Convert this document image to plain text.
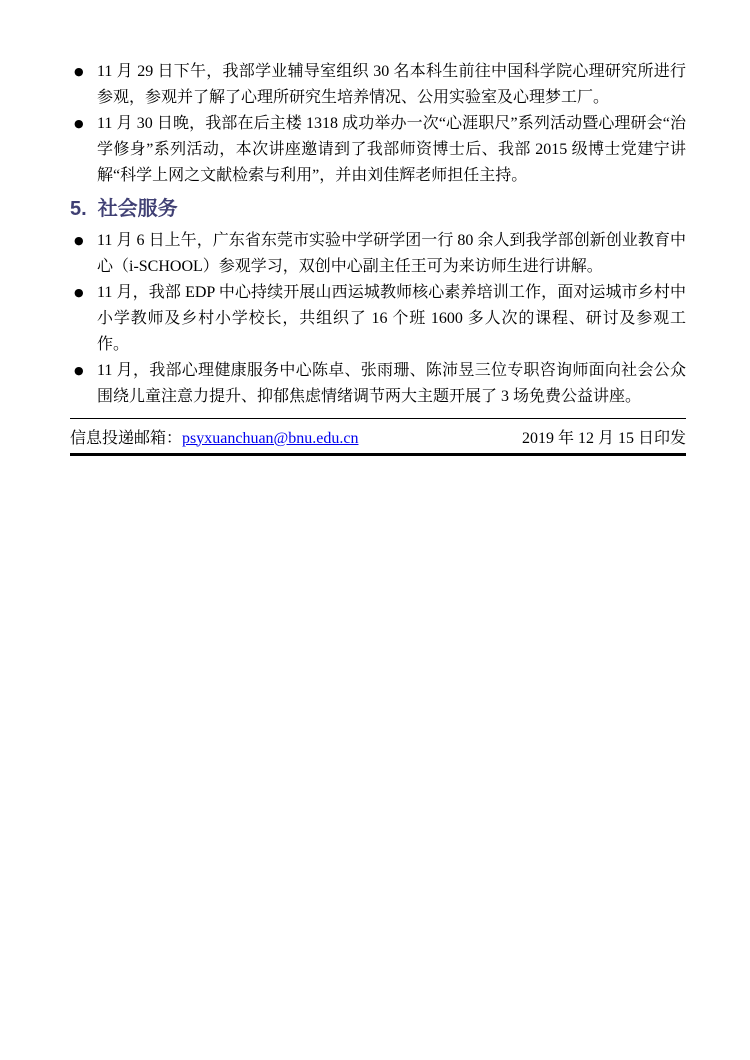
● 11 月 29 日下午，我部学业辅导室组织 30 名本科生前往中国科学院心理研究所进行参观，参观并了解了心理所研究生培养情况、公用实验室及心理梦工厂。
● 11 月 30 日晚，我部在后主楼 1318 成功举办一次“心涯职尺”系列活动暨心理研会“治学修身”系列活动，本次讲座邀请到了我部师资博士后、我部 2015 级博士党建宁讲解“科学上网之文献检索与利用”，并由刘佳辉老师担任主持。
5. 社会服务
● 11 月 6 日上午，广东省东莞市实验中学研学团一行 80 余人到我学部创新创业教育中心（i-SCHOOL）参观学习，双创中心副主任王可为来访师生进行讲解。
● 11 月，我部 EDP 中心持续开展山西运城教师核心素养培训工作，面对运城市乡村中小学教师及乡村小学校长，共组织了 16 个班 1600 多人次的课程、研讨及参观工作。
● 11 月，我部心理健康服务中心陈卓、张雨珊、陈沛昱三位专职咨询师面向社会公众围绕儿童注意力提升、抑郁焦虑情绪调节两大主题开展了 3 场免费公益讲座。
信息投递邮箱： psyxuanchuan@bnu.edu.cn	2019 年 12 月 15 日印发
